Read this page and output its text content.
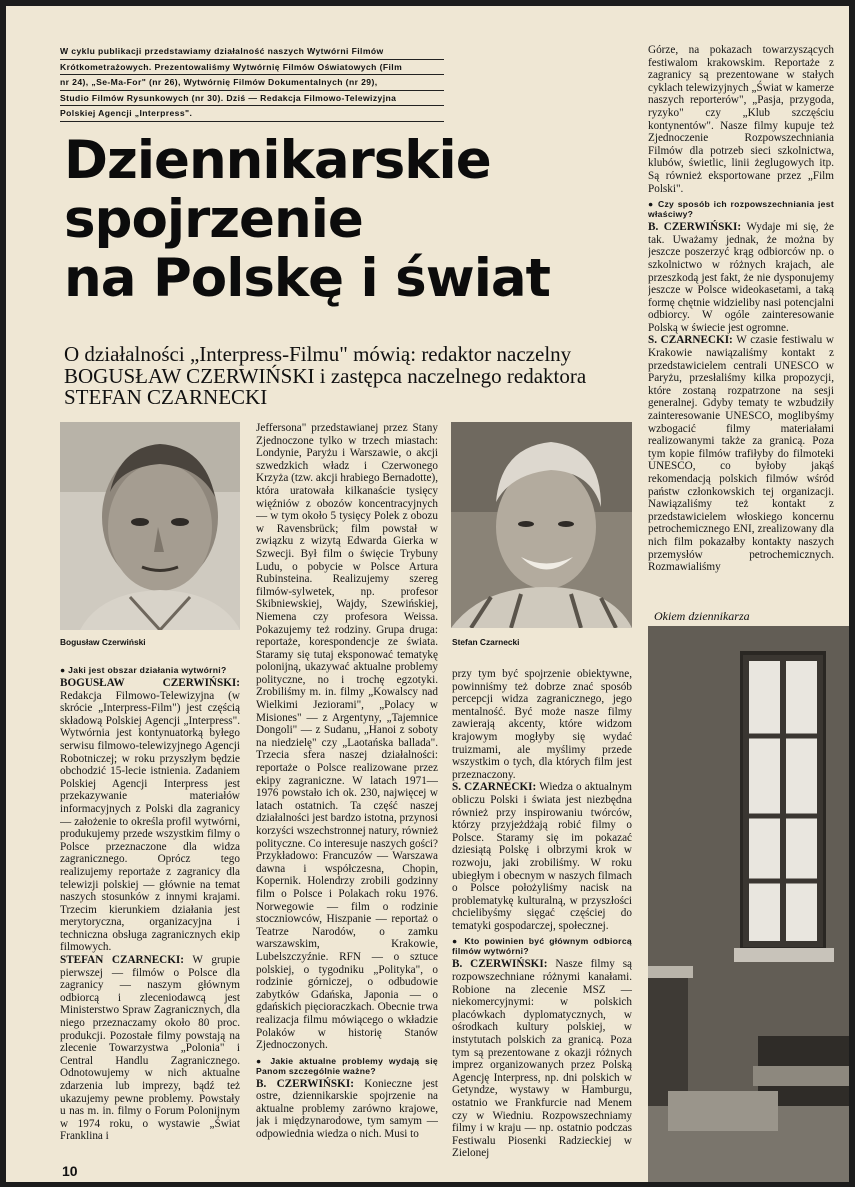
W cyklu publikacji przedstawiamy działalność naszych Wytwórni Filmów
Krótkometrażowych. Prezentowaliśmy Wytwórnię Filmów Oświatowych (Film
nr 24), „Se-Ma-For" (nr 26), Wytwórnię Filmów Dokumentalnych (nr 29),
Studio Filmów Rysunkowych (nr 30). Dziś — Redakcja Filmowo-Telewizyjna
Polskiej Agencji „Interpress".
Dziennikarskie
spojrzenie
na Polskę i świat
O działalności „Interpress-Filmu" mówią: redaktor naczelny
BOGUSŁAW CZERWIŃSKI i zastępca naczelnego redaktora
STEFAN CZARNECKI
Bogusław Czerwiński	Stefan Czarnecki
Okiem dziennikarza

● Jaki jest obszar działania wytwórni?

BOGUSŁAW CZERWIŃSKI: Redakcja Filmowo-Telewizyjna (w skrócie „Interpress-Film") jest częścią składową Polskiej Agencji „Interpress". Wytwórnia jest kontynuatorką byłego serwisu filmowo-telewizyjnego Agencji Robotniczej; w roku przyszłym będzie obchodzić 15-lecie istnienia. Zadaniem Polskiej Agencji Interpress jest przekazywanie materiałów informacyjnych z Polski dla zagranicy — założenie to określa profil wytwórni, produkujemy przede wszystkim filmy o Polsce przeznaczone dla widza zagranicznego. Oprócz tego realizujemy reportaże z zagranicy dla telewizji polskiej — głównie na temat naszych stosunków z innymi krajami. Trzecim kierunkiem działania jest merytoryczna, organizacyjna i techniczna obsługa zagranicznych ekip filmowych.

STEFAN CZARNECKI: W grupie pierwszej — filmów o Polsce dla zagranicy — naszym głównym odbiorcą i zleceniodawcą jest Ministerstwo Spraw Zagranicznych, dla niego przeznaczamy około 80 proc. produkcji. Pozostałe filmy powstają na zlecenie Towarzystwa „Polonia" i Central Handlu Zagranicznego. Odnotowujemy w nich aktualne zdarzenia lub imprezy, bądź też ukazujemy pewne problemy. Powstały u nas m. in. filmy o Forum Polonijnym w 1974 roku, o wystawie „Świat Franklina i

Jeffersona" przedstawianej przez Stany Zjednoczone tylko w trzech miastach: Londynie, Paryżu i Warszawie, o akcji szwedzkich władz i Czerwonego Krzyża (tzw. akcji hrabiego Bernadotte), która uratowała kilkanaście tysięcy więźniów z obozów koncentracyjnych — w tym około 5 tysięcy Polek z obozu w Ravensbrück; film powstał w związku z wizytą Edwarda Gierka w Szwecji. Był film o święcie Trybuny Ludu, o pobycie w Polsce Artura Rubinsteina. Realizujemy szereg filmów-sylwetek, np. profesor Skibniewskiej, Wajdy, Szewińskiej, Niemena czy profesora Weissa. Pokazujemy też rodziny. Grupa druga: reportaże, korespondencje ze świata. Staramy się tutaj eksponować tematykę polonijną, ukazywać aktualne problemy polityczne, no i trochę egzotyki. Zrobiliśmy m. in. filmy „Kowalscy nad Wielkimi Jeziorami", „Polacy w Misiones" — z Argentyny, „Tajemnice Dongoli" — z Sudanu, „Hanoi z soboty na niedzielę" czy „Laotańska ballada". Trzecia sfera naszej działalności: reportaże o Polsce realizowane przez ekipy zagraniczne. W latach 1971—1976 powstało ich ok. 230, najwięcej w latach ostatnich. Ta część naszej działalności jest bardzo istotna, przynosi korzyści wszechstronnej natury, również polityczne. Co interesuje naszych gości? Przykładowo: Francuzów — Warszawa dawna i współczesna, Chopin, Kopernik. Holendrzy zrobili godzinny film o Polsce i Polakach roku 1976. Norwegowie — film o rodzinie stoczniowców, Hiszpanie — reportaż o Teatrze Narodów, o zamku warszawskim, Krakowie, Lubelszczyźnie. RFN — o sztuce polskiej, o tygodniku „Polityka", o rodzinie górniczej, o odbudowie zabytków Gdańska, Japonia — o gdańskich pięcioraczkach. Obecnie trwa realizacja filmu mówiącego o wkładzie Polaków w historię Stanów Zjednoczonych.

● Jakie aktualne problemy wydają się Panom szczególnie ważne?

B. CZERWIŃSKI: Konieczne jest ostre, dziennikarskie spojrzenie na aktualne problemy zarówno krajowe, jak i międzynarodowe, tym samym — odpowiednia wiedza o nich. Musi to

przy tym być spojrzenie obiektywne, powinniśmy też dobrze znać sposób percepcji widza zagranicznego, jego mentalność. Być może nasze filmy zawierają akcenty, które widzom krajowym mogłyby się wydać truizmami, ale myślimy przede wszystkim o tych, dla których film jest przeznaczony.

S. CZARNECKI: Wiedza o aktualnym obliczu Polski i świata jest niezbędna również przy inspirowaniu twórców, którzy przyjeżdżają robić filmy o Polsce. Staramy się im pokazać dziesiątą Polskę i olbrzymi krok w rozwoju, jaki zrobiliśmy. W roku ubiegłym i obecnym w naszych filmach o Polsce położyliśmy nacisk na problematykę kulturalną, w przyszłości chcielibyśmy sięgać częściej do tematyki gospodarczej, społecznej.

● Kto powinien być głównym odbiorcą filmów wytwórni?

B. CZERWIŃSKI: Nasze filmy są rozpowszechniane różnymi kanałami. Robione na zlecenie MSZ — niekomercyjnymi: w polskich placówkach dyplomatycznych, w ośrodkach kultury polskiej, w instytutach polskich za granicą. Poza tym są prezentowane z okazji różnych imprez organizowanych przez Polską Agencję Interpress, np. dni polskich w Getyndze, wystawy w Hamburgu, ostatnio we Frankfurcie nad Menem czy w Wiedniu. Rozpowszechniamy filmy i w kraju — np. ostatnio podczas Festiwalu Piosenki Radzieckiej w Zielonej

Górze, na pokazach towarzyszących festiwalom krakowskim. Reportaże z zagranicy są prezentowane w stałych cyklach telewizyjnych „Świat w kamerze naszych reporterów", „Pasja, przygoda, ryzyko" czy „Klub szczęściu kontynentów". Nasze filmy kupuje też Zjednoczenie Rozpowszechniania Filmów dla potrzeb sieci szkolnictwa, klubów, świetlic, linii żeglugowych itp. Są również eksportowane przez „Film Polski".

● Czy sposób ich rozpowszechniania jest właściwy?

B. CZERWIŃSKI: Wydaje mi się, że tak. Uważamy jednak, że można by jeszcze poszerzyć krąg odbiorców np. o szkolnictwo w różnych krajach, ale przeszkodą jest fakt, że nie dysponujemy jeszcze w Polsce wideokasetami, a taką formę chętnie widzieliby nasi potencjalni odbiorcy. W ogóle zainteresowanie Polską w świecie jest ogromne.

S. CZARNECKI: W czasie festiwalu w Krakowie nawiązaliśmy kontakt z przedstawicielem centrali UNESCO w Paryżu, przesłaliśmy kilka propozycji, które zostaną rozpatrzone na sesji generalnej. Gdyby tematy te wzbudziły zainteresowanie UNESCO, moglibyśmy wzbogacić filmy materiałami realizowanymi także za granicą. Poza tym kopie filmów trafiłyby do filmoteki UNESCO, co byłoby jakąś rekomendacją polskich filmów wśród państw członkowskich tej organizacji. Nawiązaliśmy też kontakt z przedstawicielem włoskiego koncernu petrochemicznego ENI, zrealizowany dla nich film pokazałby kontakty naszych przemysłów petrochemicznych. Rozmawialiśmy

10
